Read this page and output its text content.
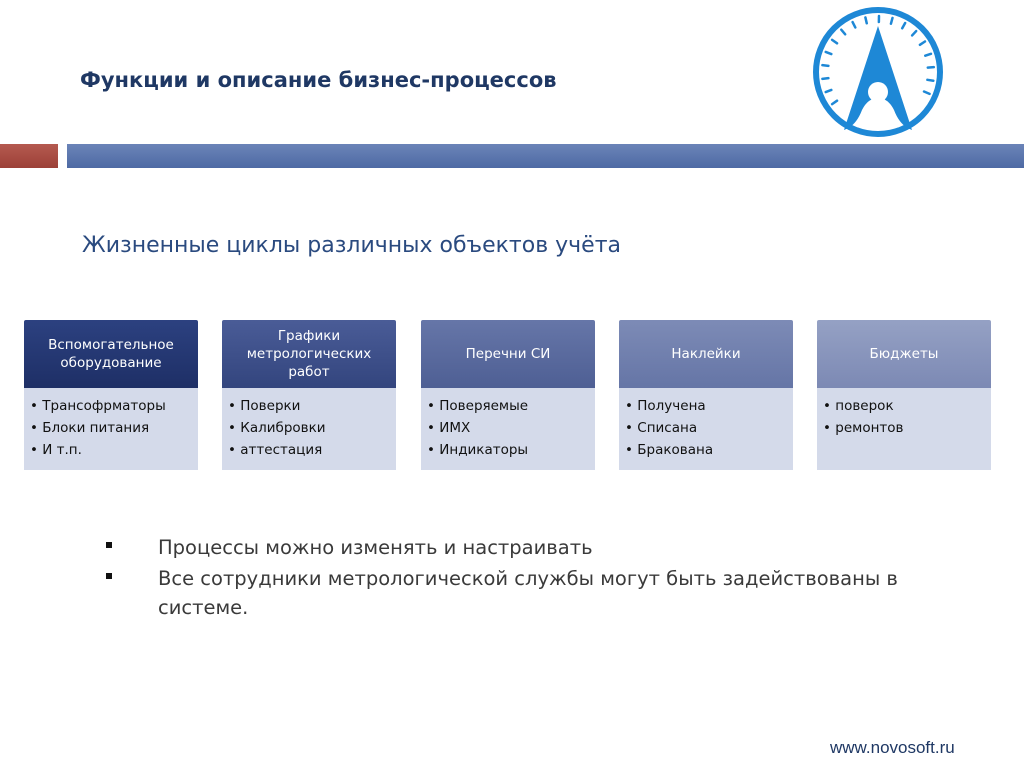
Функции и описание бизнес-процессов
Жизненные циклы различных объектов учёта
Вспомогательное оборудование
• Трансофрматоры
• Блоки питания
• И т.п.
Графики метрологических работ
• Поверки
• Калибровки
• аттестация
Перечни СИ
• Поверяемые
• ИМХ
• Индикаторы
Наклейки
• Получена
• Списана
• Бракована
Бюджеты
• поверок
• ремонтов
Процессы можно изменять и настраивать
Все сотрудники метрологической службы могут быть задействованы в системе.
www.novosoft.ru
